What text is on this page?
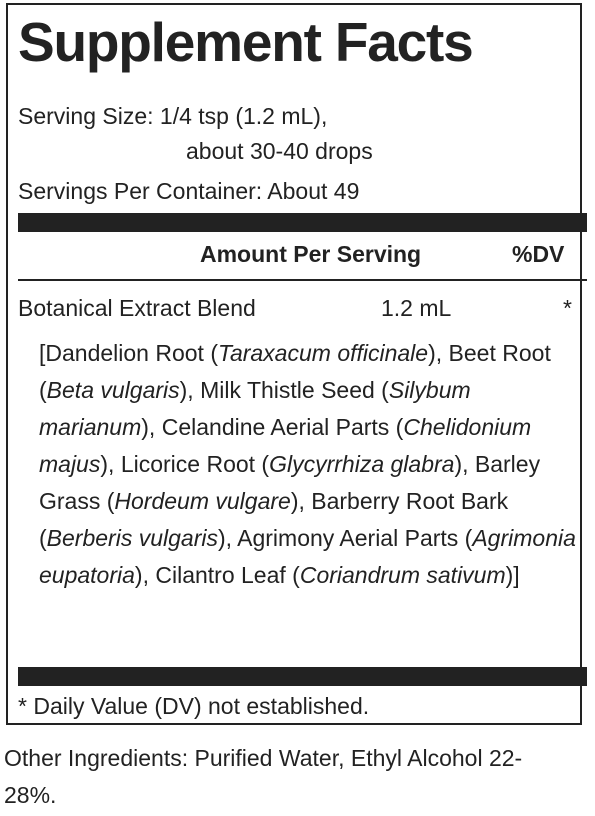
Supplement Facts
Serving Size: 1/4 tsp (1.2 mL),
about 30-40 drops
Servings Per Container: About 49
Amount Per Serving	%DV
Botanical Extract Blend	1.2 mL	*
[Dandelion Root (Taraxacum officinale), Beet Root (Beta vulgaris), Milk Thistle Seed (Silybum marianum), Celandine Aerial Parts (Chelidonium majus), Licorice Root (Glycyrrhiza glabra), Barley Grass (Hordeum vulgare), Barberry Root Bark (Berberis vulgaris), Agrimony Aerial Parts (Agrimonia eupatoria), Cilantro Leaf (Coriandrum sativum)]
* Daily Value (DV) not established.
Other Ingredients: Purified Water, Ethyl Alcohol 22-28%.
